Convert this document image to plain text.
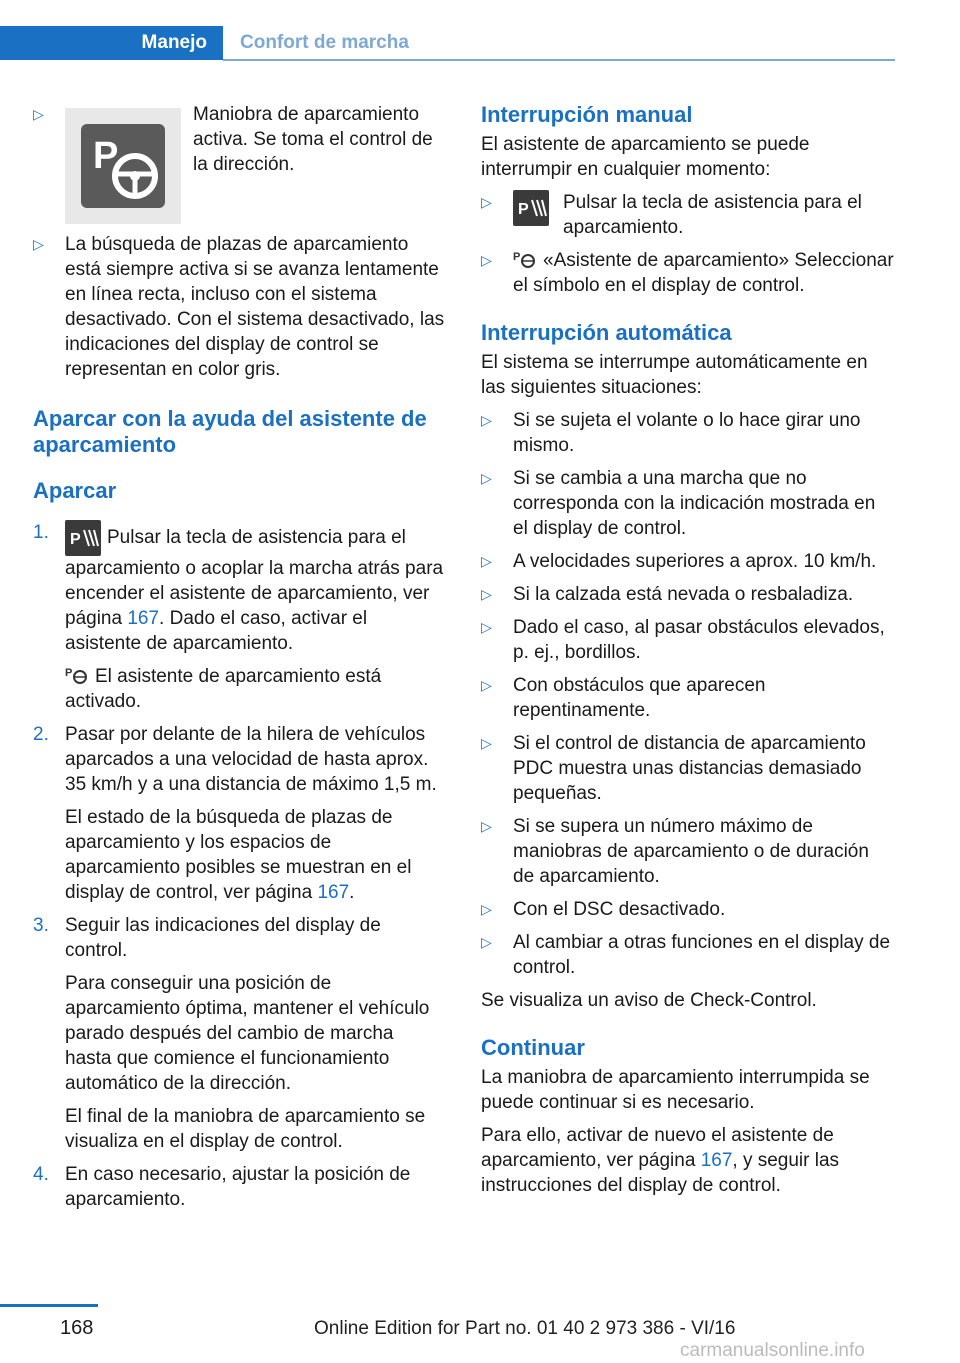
Manejo	Confort de marcha
▷
P
Maniobra de aparcamiento activa. Se toma el control de la dirección.
▷ La búsqueda de plazas de aparcamiento está siempre activa si se avanza lentamente en línea recta, incluso con el sistema desactivado. Con el sistema desactivado, las indicaciones del display de control se representan en color gris.
Aparcar con la ayuda del asistente de aparcamiento
Aparcar
1. P Pulsar la tecla de asistencia para el aparcamiento o acoplar la marcha atrás para encender el asistente de aparcamiento, ver página 167. Dado el caso, activar el asistente de aparcamiento.

P El asistente de aparcamiento está activado.

2. Pasar por delante de la hilera de vehículos aparcados a una velocidad de hasta aprox. 35 km/h y a una distancia de máximo 1,5 m.

El estado de la búsqueda de plazas de aparcamiento y los espacios de aparcamiento posibles se muestran en el display de control, ver página 167.

3. Seguir las indicaciones del display de control.

Para conseguir una posición de aparcamiento óptima, mantener el vehículo parado después del cambio de marcha hasta que comience el funcionamiento automático de la dirección.

El final de la maniobra de aparcamiento se visualiza en el display de control.

4. En caso necesario, ajustar la posición de aparcamiento.
Interrupción manual
El asistente de aparcamiento se puede interrumpir en cualquier momento:
▷ P Pulsar la tecla de asistencia para el aparcamiento.
▷ P «Asistente de aparcamiento» Seleccionar el símbolo en el display de control.
Interrupción automática
El sistema se interrumpe automáticamente en las siguientes situaciones:
▷ Si se sujeta el volante o lo hace girar uno mismo.
▷ Si se cambia a una marcha que no corresponda con la indicación mostrada en el display de control.
▷ A velocidades superiores a aprox. 10 km/h.
▷ Si la calzada está nevada o resbaladiza.
▷ Dado el caso, al pasar obstáculos elevados, p. ej., bordillos.
▷ Con obstáculos que aparecen repentinamente.
▷ Si el control de distancia de aparcamiento PDC muestra unas distancias demasiado pequeñas.
▷ Si se supera un número máximo de maniobras de aparcamiento o de duración de aparcamiento.
▷ Con el DSC desactivado.
▷ Al cambiar a otras funciones en el display de control.
Se visualiza un aviso de Check-Control.
Continuar
La maniobra de aparcamiento interrumpida se puede continuar si es necesario.
Para ello, activar de nuevo el asistente de aparcamiento, ver página 167, y seguir las instrucciones del display de control.
168	Online Edition for Part no. 01 40 2 973 386 - VI/16
carmanualsonline.info
